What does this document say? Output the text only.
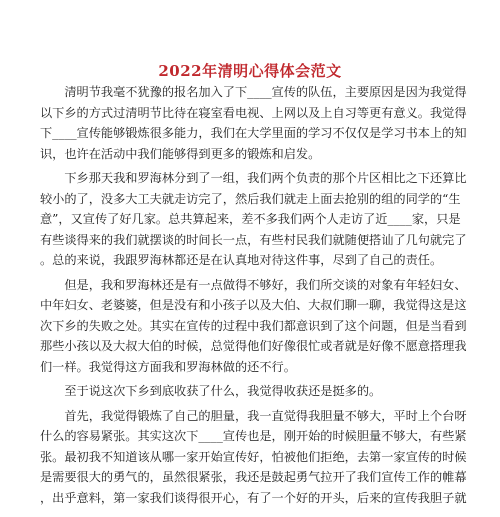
2022年清明心得体会范文
　　清明节我毫不犹豫的报名加入了下____宣传的队伍，主要原因是因为我觉得
以下乡的方式过清明节比待在寝室看电视、上网以及上自习等更有意义。我觉得
下____宣传能够锻炼很多能力，我们在大学里面的学习不仅仅是学习书本上的知
识，也许在活动中我们能够得到更多的锻炼和启发。
　　下乡那天我和罗海林分到了一组，我们两个负责的那个片区相比之下还算比
较小的了，没多大工夫就走访完了，然后我们就走上面去抢别的组的同学的“生
意”，又宣传了好几家。总共算起来，差不多我们两个人走访了近____家，只是
有些谈得来的我们就摆谈的时间长一点，有些村民我们就随便搭讪了几句就完了
。总的来说，我跟罗海林都还是在认真地对待这件事，尽到了自己的责任。
　　但是，我和罗海林还是有一点做得不够好，我们所交谈的对象有年轻妇女、
中年妇女、老婆婆，但是没有和小孩子以及大伯、大叔们聊一聊，我觉得这是这
次下乡的失败之处。其实在宣传的过程中我们都意识到了这个问题，但是当看到
那些小孩以及大叔大伯的时候，总觉得他们好像很忙或者就是好像不愿意搭理我
们一样。我觉得这方面我和罗海林做的还不行。
　　至于说这次下乡到底收获了什么，我觉得收获还是挺多的。
　　首先，我觉得锻炼了自己的胆量，我一直觉得我胆量不够大，平时上个台呀
什么的容易紧张。其实这次下____宣传也是，刚开始的时候胆量不够大，有些紧
张。最初我不知道该从哪一家开始宣传好，怕被他们拒绝，去第一家宣传的时候
是需要很大的勇气的，虽然很紧张，我还是鼓起勇气拉开了我们宣传工作的帷幕
，出乎意料，第一家我们谈得很开心，有了一个好的开头，后来的宣传我胆子就
